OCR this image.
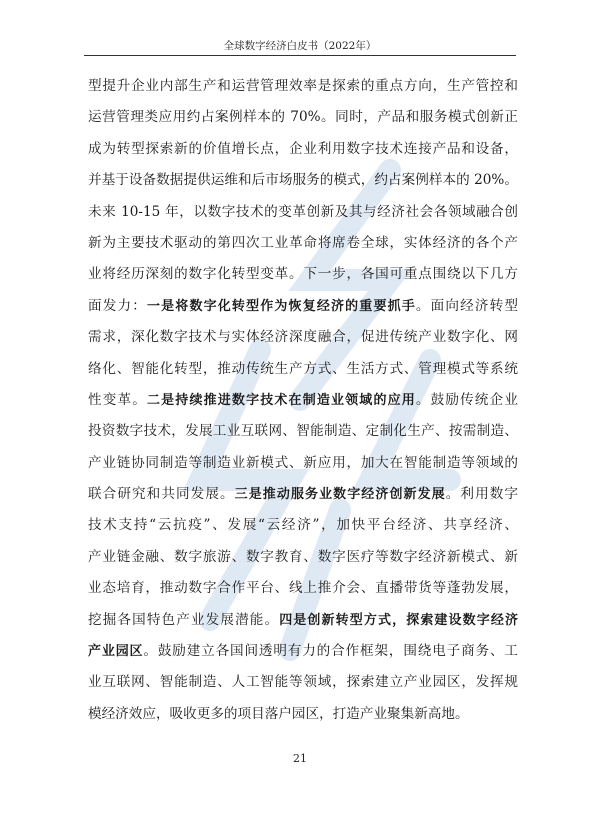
全球数字经济白皮书（2022年）
型提升企业内部生产和运营管理效率是探索的重点方向，生产管控和
运营管理类应用约占案例样本的 70%。同时，产品和服务模式创新正
成为转型探索新的价值增长点，企业利用数字技术连接产品和设备，
并基于设备数据提供运维和后市场服务的模式，约占案例样本的 20%。
未来 10-15 年，以数字技术的变革创新及其与经济社会各领域融合创
新为主要技术驱动的第四次工业革命将席卷全球，实体经济的各个产
业将经历深刻的数字化转型变革。下一步，各国可重点围绕以下几方
面发力：一是将数字化转型作为恢复经济的重要抓手。面向经济转型
需求，深化数字技术与实体经济深度融合，促进传统产业数字化、网
络化、智能化转型，推动传统生产方式、生活方式、管理模式等系统
性变革。二是持续推进数字技术在制造业领域的应用。鼓励传统企业
投资数字技术，发展工业互联网、智能制造、定制化生产、按需制造、
产业链协同制造等制造业新模式、新应用，加大在智能制造等领域的
联合研究和共同发展。三是推动服务业数字经济创新发展。利用数字
技术支持“云抗疫”、发展“云经济”，加快平台经济、共享经济、
产业链金融、数字旅游、数字教育、数字医疗等数字经济新模式、新
业态培育，推动数字合作平台、线上推介会、直播带货等蓬勃发展，
挖掘各国特色产业发展潜能。四是创新转型方式，探索建设数字经济
产业园区。鼓励建立各国间透明有力的合作框架，围绕电子商务、工
业互联网、智能制造、人工智能等领域，探索建立产业园区，发挥规
模经济效应，吸收更多的项目落户园区，打造产业聚集新高地。
21
